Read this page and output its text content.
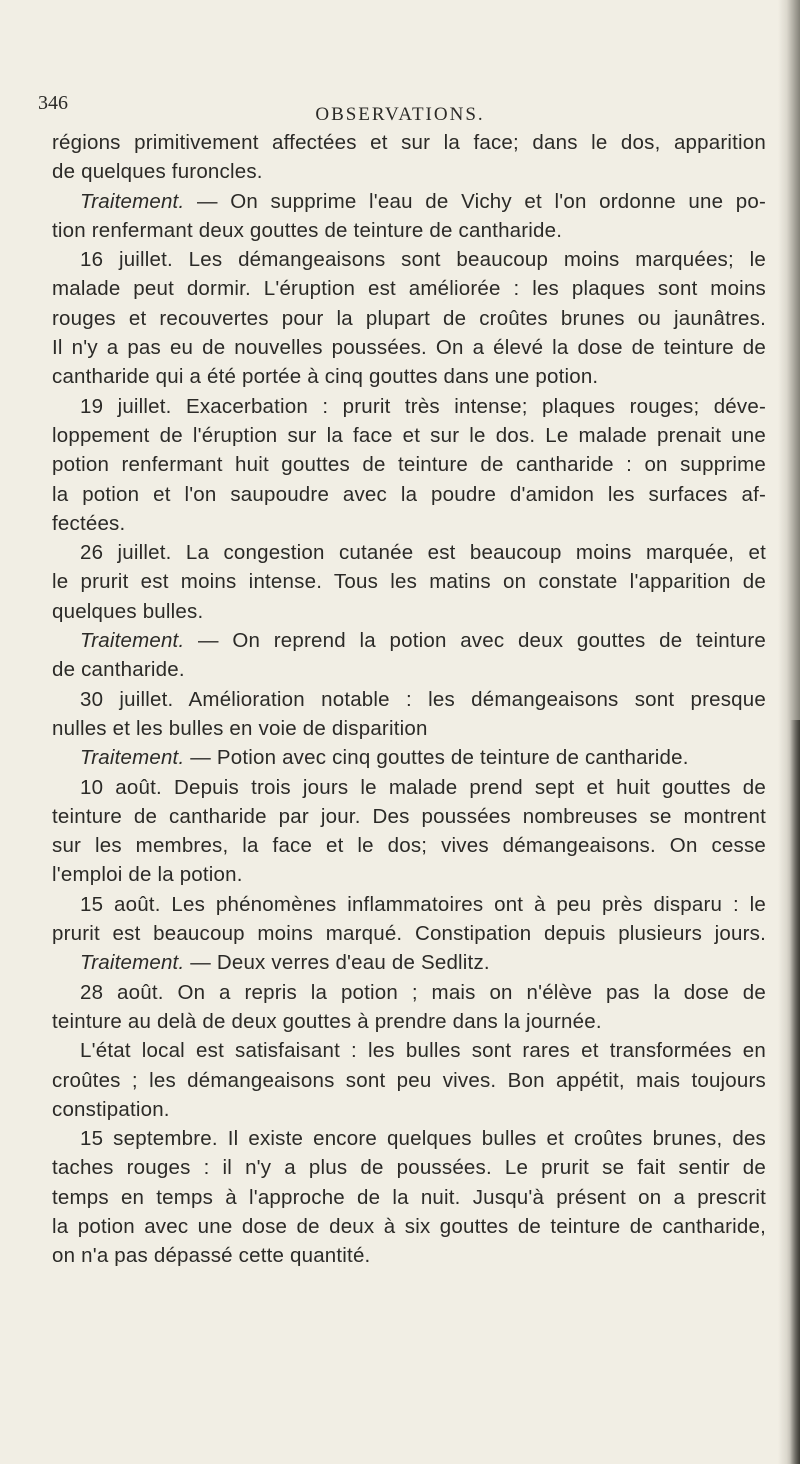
346
OBSERVATIONS.
régions primitivement affectées et sur la face; dans le dos, apparition
de quelques furoncles.
Traitement. — On supprime l'eau de Vichy et l'on ordonne une po-
tion renfermant deux gouttes de teinture de cantharide.
16 juillet. Les démangeaisons sont beaucoup moins marquées; le
malade peut dormir. L'éruption est améliorée : les plaques sont moins
rouges et recouvertes pour la plupart de croûtes brunes ou jaunâtres.
Il n'y a pas eu de nouvelles poussées. On a élevé la dose de teinture de
cantharide qui a été portée à cinq gouttes dans une potion.
19 juillet. Exacerbation : prurit très intense; plaques rouges; déve-
loppement de l'éruption sur la face et sur le dos. Le malade prenait une
potion renfermant huit gouttes de teinture de cantharide : on supprime
la potion et l'on saupoudre avec la poudre d'amidon les surfaces af-
fectées.
26 juillet. La congestion cutanée est beaucoup moins marquée, et
le prurit est moins intense. Tous les matins on constate l'apparition de
quelques bulles.
Traitement. — On reprend la potion avec deux gouttes de teinture
de cantharide.
30 juillet. Amélioration notable : les démangeaisons sont presque
nulles et les bulles en voie de disparition
Traitement. — Potion avec cinq gouttes de teinture de cantharide.
10 août. Depuis trois jours le malade prend sept et huit gouttes de
teinture de cantharide par jour. Des poussées nombreuses se montrent
sur les membres, la face et le dos; vives démangeaisons. On cesse
l'emploi de la potion.
15 août. Les phénomènes inflammatoires ont à peu près disparu : le
prurit est beaucoup moins marqué. Constipation depuis plusieurs jours.
Traitement. — Deux verres d'eau de Sedlitz.
28 août. On a repris la potion ; mais on n'élève pas la dose de
teinture au delà de deux gouttes à prendre dans la journée.
L'état local est satisfaisant : les bulles sont rares et transformées en
croûtes ; les démangeaisons sont peu vives. Bon appétit, mais toujours
constipation.
15 septembre. Il existe encore quelques bulles et croûtes brunes, des
taches rouges : il n'y a plus de poussées. Le prurit se fait sentir de
temps en temps à l'approche de la nuit. Jusqu'à présent on a prescrit
la potion avec une dose de deux à six gouttes de teinture de cantharide,
on n'a pas dépassé cette quantité.
